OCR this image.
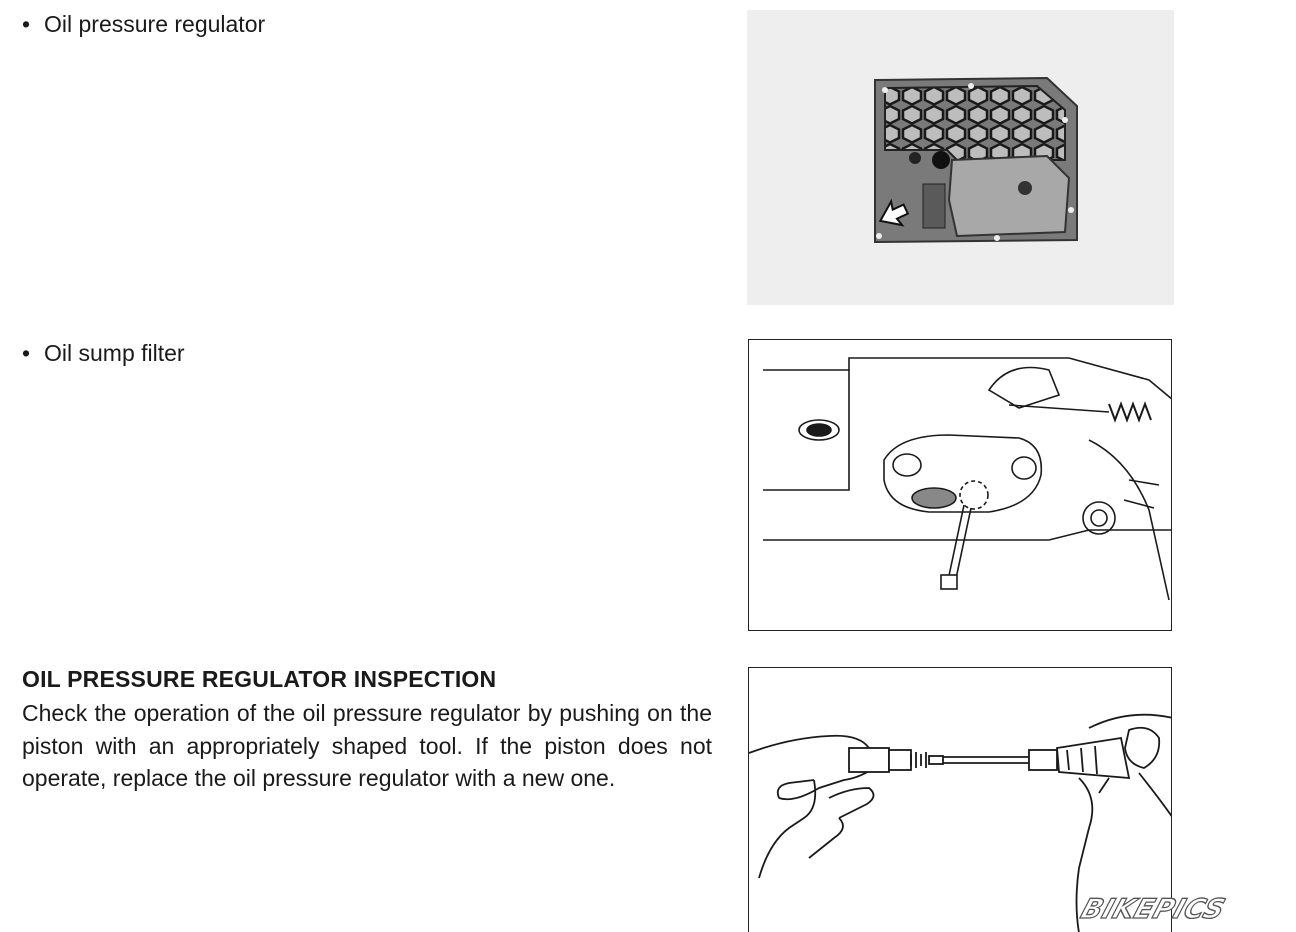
• Oil pressure regulator
• Oil sump filter
OIL PRESSURE REGULATOR INSPECTION

Check the operation of the oil pressure regulator by pushing on the piston with an appropriately shaped tool. If the piston does not operate, replace the oil pressure regulator with a new one.

BIKEPICS
